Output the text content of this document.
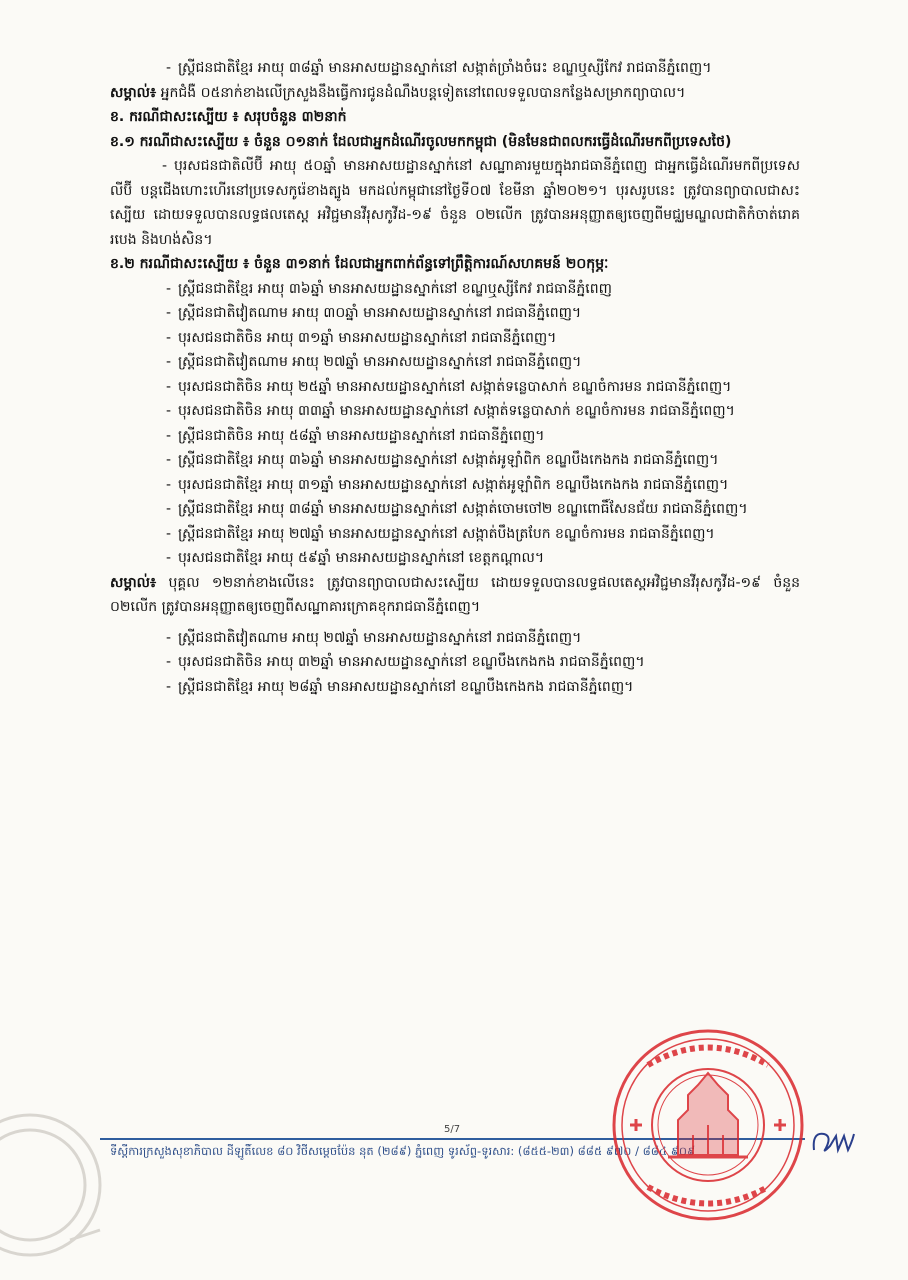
- ស្ត្រីជនជាតិខ្មែរ អាយុ ៣៨ឆ្នាំ មានអាសយដ្ឋានស្នាក់នៅ សង្កាត់ច្រាំងចំរេះ ខណ្ឌឬស្សីកែវ រាជធានីភ្នំពេញ។
សម្គាល់៖ អ្នកជំងឺ ០៥នាក់ខាងលើក្រសួងនឹងធ្វើការជូនដំណឹងបន្តទៀតនៅពេលទទួលបានកន្លែងសម្រាកព្យាបាល។

ខ. ករណីជាសះស្បើយ ៖ សរុបចំនួន ៣២នាក់

ខ.១ ករណីជាសះស្បើយ ៖ ចំនួន ០១នាក់ ដែលជាអ្នកដំណើរចូលមកកម្ពុជា (មិនមែនជាពលករធ្វើដំណើរមកពីប្រទេសថៃ)

- បុរសជនជាតិលីប៊ី អាយុ ៥០ឆ្នាំ មានអាសយដ្ឋានស្នាក់នៅ សណ្ឋាគារមួយក្នុងរាជធានីភ្នំពេញ ជាអ្នកធ្វើដំណើរមកពីប្រទេសលីប៊ី បន្តជើងហោះហើរនៅប្រទេសកូរ៉េខាងត្បូង មកដល់កម្ពុជានៅថ្ងៃទី០៧ ខែមីនា ឆ្នាំ២០២១។ បុរសរូបនេះ ត្រូវបានព្យាបាលជាសះស្បើយ ដោយទទួលបានលទ្ធផលតេស្ត អវិជ្ជមានវីរុសកូវីដ-១៩ ចំនួន ០២លើក ត្រូវបានអនុញ្ញាតឲ្យចេញពីមជ្ឈមណ្ឌលជាតិកំចាត់រោគរបេង និងហង់សិន។

ខ.២ ករណីជាសះស្បើយ ៖ ចំនួន ៣១នាក់ ដែលជាអ្នកពាក់ព័ន្ធទៅព្រឹត្តិការណ៍សហគមន៍ ២០កុម្ភៈ

- ស្ត្រីជនជាតិខ្មែរ អាយុ ៣៦ឆ្នាំ មានអាសយដ្ឋានស្នាក់នៅ ខណ្ឌឬស្សីកែវ រាជធានីភ្នំពេញ
- ស្ត្រីជនជាតិវៀតណាម អាយុ ៣០ឆ្នាំ មានអាសយដ្ឋានស្នាក់នៅ រាជធានីភ្នំពេញ។
- បុរសជនជាតិចិន អាយុ ៣១ឆ្នាំ មានអាសយដ្ឋានស្នាក់នៅ រាជធានីភ្នំពេញ។
- ស្ត្រីជនជាតិវៀតណាម អាយុ ២៧ឆ្នាំ មានអាសយដ្ឋានស្នាក់នៅ រាជធានីភ្នំពេញ។
- បុរសជនជាតិចិន អាយុ ២៥ឆ្នាំ មានអាសយដ្ឋានស្នាក់នៅ សង្កាត់ទន្លេបាសាក់ ខណ្ឌចំការមន រាជធានីភ្នំពេញ។
- បុរសជនជាតិចិន អាយុ ៣៣ឆ្នាំ មានអាសយដ្ឋានស្នាក់នៅ សង្កាត់ទន្លេបាសាក់ ខណ្ឌចំការមន រាជធានីភ្នំពេញ។
- ស្ត្រីជនជាតិចិន អាយុ ៥៨ឆ្នាំ មានអាសយដ្ឋានស្នាក់នៅ រាជធានីភ្នំពេញ។
- ស្ត្រីជនជាតិខ្មែរ អាយុ ៣៦ឆ្នាំ មានអាសយដ្ឋានស្នាក់នៅ សង្កាត់អូឡាំពិក ខណ្ឌបឹងកេងកង រាជធានីភ្នំពេញ។
- បុរសជនជាតិខ្មែរ អាយុ ៣១ឆ្នាំ មានអាសយដ្ឋានស្នាក់នៅ សង្កាត់អូឡាំពិក ខណ្ឌបឹងកេងកង រាជធានីភ្នំពេញ។
- ស្ត្រីជនជាតិខ្មែរ អាយុ ៣៨ឆ្នាំ មានអាសយដ្ឋានស្នាក់នៅ សង្កាត់ចោមចៅ២ ខណ្ឌពោធិ៍សែនជ័យ រាជធានីភ្នំពេញ។
- ស្ត្រីជនជាតិខ្មែរ អាយុ ២៧ឆ្នាំ មានអាសយដ្ឋានស្នាក់នៅ សង្កាត់បឹងត្របែក ខណ្ឌចំការមន រាជធានីភ្នំពេញ។
- បុរសជនជាតិខ្មែរ អាយុ ៥៩ឆ្នាំ មានអាសយដ្ឋានស្នាក់នៅ ខេត្តកណ្ដាល។
សម្គាល់៖ បុគ្គល ១២នាក់ខាងលើនេះ ត្រូវបានព្យាបាលជាសះស្បើយ ដោយទទួលបានលទ្ធផលតេស្តអវិជ្ជមានវីរុសកូវីដ-១៩ ចំនួន ០២លើក ត្រូវបានអនុញ្ញាតឲ្យចេញពីសណ្ឋាគារក្រោគខុករាជធានីភ្នំពេញ។
- ស្ត្រីជនជាតិវៀតណាម អាយុ ២៧ឆ្នាំ មានអាសយដ្ឋានស្នាក់នៅ រាជធានីភ្នំពេញ។
- បុរសជនជាតិចិន អាយុ ៣២ឆ្នាំ មានអាសយដ្ឋានស្នាក់នៅ ខណ្ឌបឹងកេងកង រាជធានីភ្នំពេញ។
- ស្ត្រីជនជាតិខ្មែរ អាយុ ២៨ឆ្នាំ មានអាសយដ្ឋានស្នាក់នៅ ខណ្ឌបឹងកេងកង រាជធានីភ្នំពេញ។
5/7
ទីស្ដីការក្រសួងសុខាភិបាល ដីឡូតិ៍លេខ ៨០ វិថីសម្ដេចប៉ែន នុត (២៨៩) ភ្នំពេញ ទូរស័ព្ទ-ទូរសារ: (៨៥៥-២៣) ៨៨៥ ៩៧០ / ៨៨៤ ៩០៩
